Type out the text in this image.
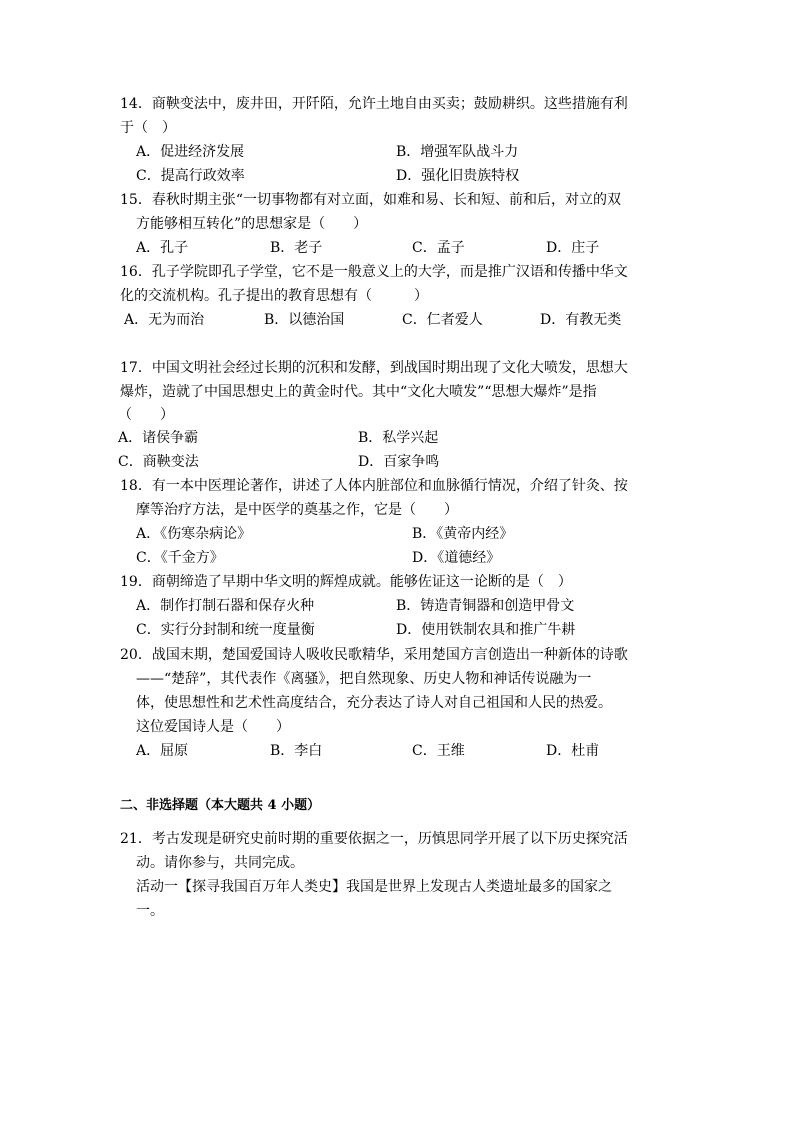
14．商鞅变法中，废井田，开阡陌，允许土地自由买卖；鼓励耕织。这些措施有利
于（　）
A．促进经济发展	B．增强军队战斗力
C．提高行政效率	D．强化旧贵族特权
15．春秋时期主张“一切事物都有对立面，如难和易、长和短、前和后，对立的双
方能够相互转化”的思想家是（　　）
A．孔子	B．老子	C．孟子	D．庄子
16．孔子学院即孔子学堂，它不是一般意义上的大学，而是推广汉语和传播中华文
化的交流机构。孔子提出的教育思想有（　　　）
A．无为而治	B．以德治国	C．仁者爱人	D．有教无类
17．中国文明社会经过长期的沉积和发酵，到战国时期出现了文化大喷发，思想大
爆炸，造就了中国思想史上的黄金时代。其中“文化大喷发”“思想大爆炸”是指
（　　）
A．诸侯争霸	B．私学兴起
C．商鞅变法	D．百家争鸣
18．有一本中医理论著作，讲述了人体内脏部位和血脉循行情况，介绍了针灸、按
摩等治疗方法，是中医学的奠基之作，它是（　　）
A．《伤寒杂病论》	B．《黄帝内经》
C．《千金方》	D．《道德经》
19．商朝缔造了早期中华文明的辉煌成就。能够佐证这一论断的是（　）
A．制作打制石器和保存火种	B．铸造青铜器和创造甲骨文
C．实行分封制和统一度量衡	D．使用铁制农具和推广牛耕
20．战国末期，楚国爱国诗人吸收民歌精华，采用楚国方言创造出一种新体的诗歌
——“楚辞”，其代表作《离骚》，把自然现象、历史人物和神话传说融为一
体，使思想性和艺术性高度结合，充分表达了诗人对自己祖国和人民的热爱。
这位爱国诗人是（　　）
A．屈原	B．李白	C．王维	D．杜甫
二、非选择题（本大题共 4 小题）
21．考古发现是研究史前时期的重要依据之一，历慎思同学开展了以下历史探究活
动。请你参与，共同完成。
活动一【探寻我国百万年人类史】我国是世界上发现古人类遗址最多的国家之
一。
